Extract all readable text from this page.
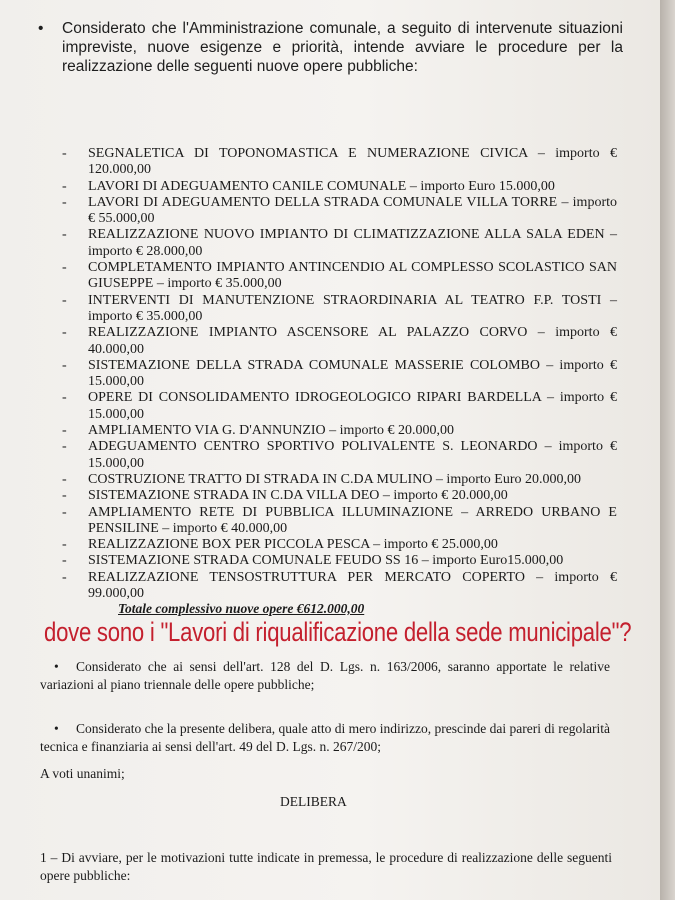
• Considerato che l'Amministrazione comunale, a seguito di intervenute situazioni impreviste, nuove esigenze e priorità, intende avviare le procedure per la realizzazione delle seguenti nuove opere pubbliche:
- SEGNALETICA DI TOPONOMASTICA E NUMERAZIONE CIVICA – importo € 120.000,00
- LAVORI DI ADEGUAMENTO CANILE COMUNALE – importo Euro 15.000,00
- LAVORI DI ADEGUAMENTO DELLA STRADA COMUNALE VILLA TORRE – importo € 55.000,00
- REALIZZAZIONE NUOVO IMPIANTO DI CLIMATIZZAZIONE ALLA SALA EDEN – importo € 28.000,00
- COMPLETAMENTO IMPIANTO ANTINCENDIO AL COMPLESSO SCOLASTICO SAN GIUSEPPE – importo € 35.000,00
- INTERVENTI DI MANUTENZIONE STRAORDINARIA AL TEATRO F.P. TOSTI – importo € 35.000,00
- REALIZZAZIONE IMPIANTO ASCENSORE AL PALAZZO CORVO – importo € 40.000,00
- SISTEMAZIONE DELLA STRADA COMUNALE MASSERIE COLOMBO – importo € 15.000,00
- OPERE DI CONSOLIDAMENTO IDROGEOLOGICO RIPARI BARDELLA – importo € 15.000,00
- AMPLIAMENTO VIA G. D'ANNUNZIO – importo € 20.000,00
- ADEGUAMENTO CENTRO SPORTIVO POLIVALENTE S. LEONARDO – importo € 15.000,00
- COSTRUZIONE TRATTO DI STRADA IN C.DA MULINO – importo Euro 20.000,00
- SISTEMAZIONE STRADA IN C.DA VILLA DEO – importo € 20.000,00
- AMPLIAMENTO RETE DI PUBBLICA ILLUMINAZIONE – ARREDO URBANO E PENSILINE – importo € 40.000,00
- REALIZZAZIONE BOX PER PICCOLA PESCA – importo € 25.000,00
- SISTEMAZIONE STRADA COMUNALE FEUDO SS 16 – importo Euro15.000,00
- REALIZZAZIONE TENSOSTRUTTURA PER MERCATO COPERTO – importo € 99.000,00
Totale complessivo nuove opere €612.000,00
dove sono i "Lavori di riqualificazione della sede municipale"?
• Considerato che ai sensi dell'art. 128 del D. Lgs. n. 163/2006, saranno apportate le relative variazioni al piano triennale delle opere pubbliche;
• Considerato che la presente delibera, quale atto di mero indirizzo, prescinde dai pareri di regolarità tecnica e finanziaria ai sensi dell'art. 49 del D. Lgs. n. 267/200;
A voti unanimi;
DELIBERA
1 – Di avviare, per le motivazioni tutte indicate in premessa, le procedure di realizzazione delle seguenti opere pubbliche:
